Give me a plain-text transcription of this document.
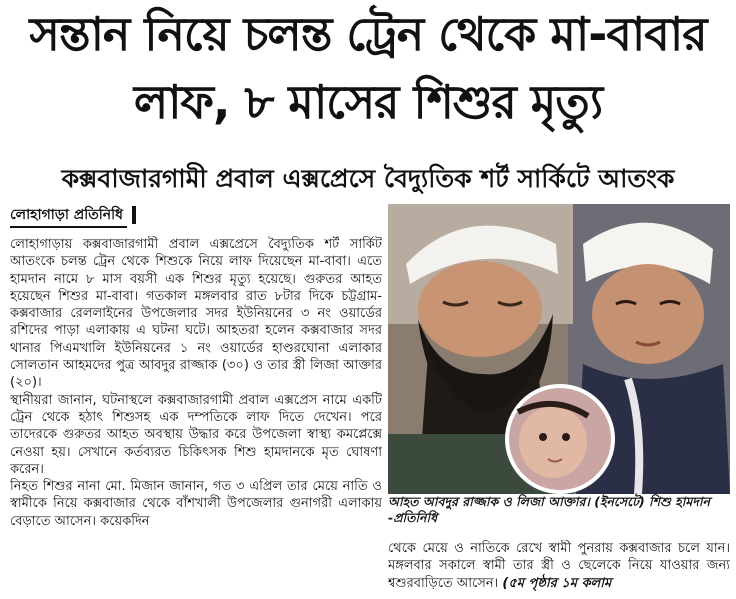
সন্তান নিয়ে চলন্ত ট্রেন থেকে মা-বাবার
লাফ, ৮ মাসের শিশুর মৃত্যু
কক্সবাজারগামী প্রবাল এক্সপ্রেসে বৈদ্যুতিক শর্ট সার্কিটে আতংক
লোহাগাড়া প্রতিনিধি

লোহাগাড়ায় কক্সবাজারগামী প্রবাল এক্সপ্রেসে বৈদ্যুতিক শর্ট সার্কিট আতংকে চলন্ত ট্রেন থেকে শিশুকে নিয়ে লাফ দিয়েছেন মা-বাবা। এতে হামদান নামে ৮ মাস বয়সী এক শিশুর মৃত্যু হয়েছে। গুরুতর আহত হয়েছেন শিশুর মা-বাবা। গতকাল মঙ্গলবার রাত ৮টার দিকে চট্টগ্রাম-কক্সবাজার রেললাইনের উপজেলার সদর ইউনিয়নের ৩ নং ওয়ার্ডের রশিদের পাড়া এলাকায় এ ঘটনা ঘটে। আহতরা হলেন কক্সবাজার সদর থানার পিএমখালি ইউনিয়নের ১ নং ওয়ার্ডের হাণ্ডরঘোনা এলাকার সোলতান আহমদের পুত্র আবদুর রাজ্জাক (৩০) ও তার স্ত্রী লিজা আক্তার (২০)।

স্থানীয়রা জানান, ঘটনাস্থলে কক্সবাজারগামী প্রবাল এক্সপ্রেস নামে একটি ট্রেন থেকে হঠাৎ শিশুসহ এক দম্পতিকে লাফ দিতে দেখেন। পরে তাদেরকে গুরুতর আহত অবস্থায় উদ্ধার করে উপজেলা স্বাস্থ্য কমপ্লেক্সে নেওয়া হয়। সেখানে কর্তব্যরত চিকিৎসক শিশু হামদানকে মৃত ঘোষণা করেন।

নিহত শিশুর নানা মো. মিজান জানান, গত ৩ এপ্রিল তার মেয়ে নাতি ও স্বামীকে নিয়ে কক্সবাজার থেকে বাঁশখালী উপজেলার গুনাগরী এলাকায় বেড়াতে আসেন। কয়েকদিন

আহত আবদুর রাজ্জাক ও লিজা আক্তার। (ইনসেটে) শিশু হামদান -প্রতিনিধি
থেকে মেয়ে ও নাতিকে রেখে স্বামী পুনরায় কক্সবাজার চলে যান। মঙ্গলবার সকালে স্বামী তার স্ত্রী ও ছেলেকে নিয়ে যাওয়ার জন্য শ্বশুরবাড়িতে আসেন। (৫ম পৃষ্ঠার ১ম কলাম
